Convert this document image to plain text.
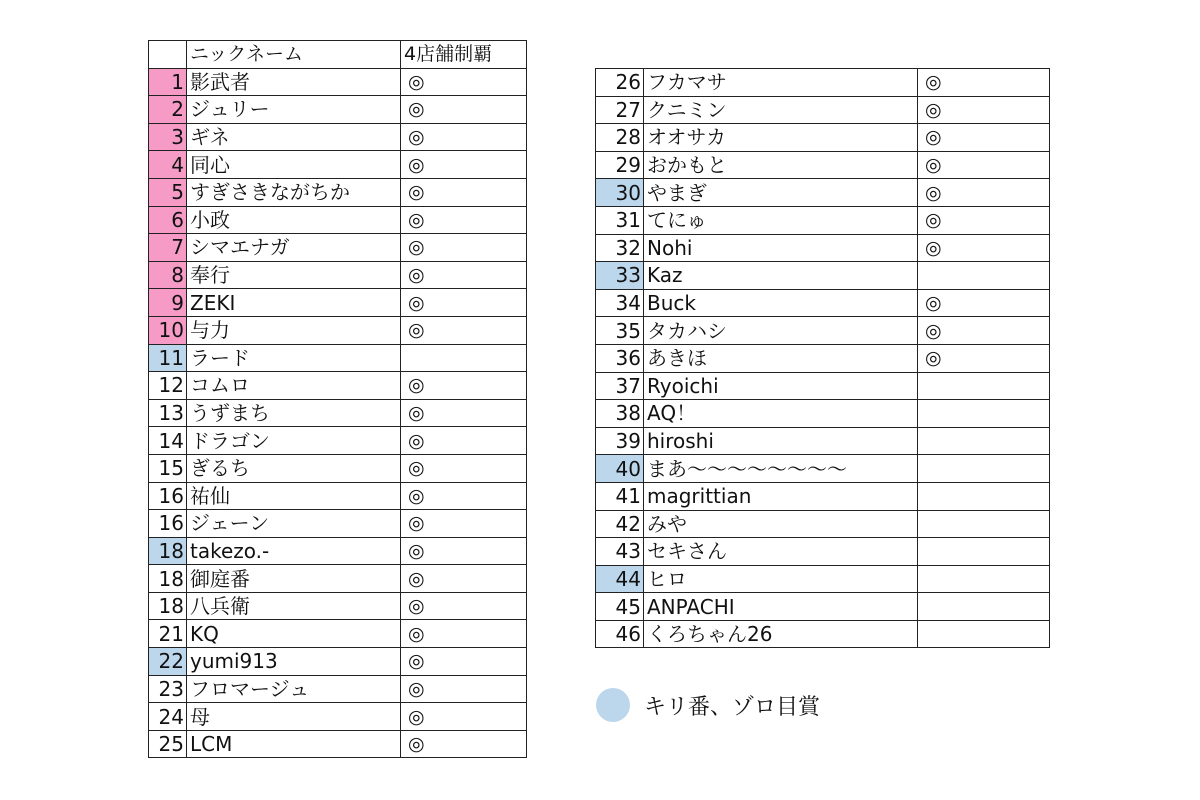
	ニックネーム	4店舗制覇
1	影武者	◎
2	ジュリー	◎
3	ギネ	◎
4	同心	◎
5	すぎさきながちか	◎
6	小政	◎
7	シマエナガ	◎
8	奉行	◎
9	ZEKI	◎
10	与力	◎
11	ラード	
12	コムロ	◎
13	うずまち	◎
14	ドラゴン	◎
15	ぎるち	◎
16	祐仙	◎
16	ジェーン	◎
18	takezo.-	◎
18	御庭番	◎
18	八兵衛	◎
21	KQ	◎
22	yumi913	◎
23	フロマージュ	◎
24	母	◎
25	LCM	◎
26	フカマサ	◎
27	クニミン	◎
28	オオサカ	◎
29	おかもと	◎
30	やまぎ	◎
31	てにゅ	◎
32	Nohi	◎
33	Kaz	
34	Buck	◎
35	タカハシ	◎
36	あきほ	◎
37	Ryoichi	
38	AQ！	
39	hiroshi	
40	まあ～～～～～～～～	
41	magrittian	
42	みや	
43	セキさん	
44	ヒロ	
45	ANPACHI	
46	くろちゃん26	
キリ番、ゾロ目賞
